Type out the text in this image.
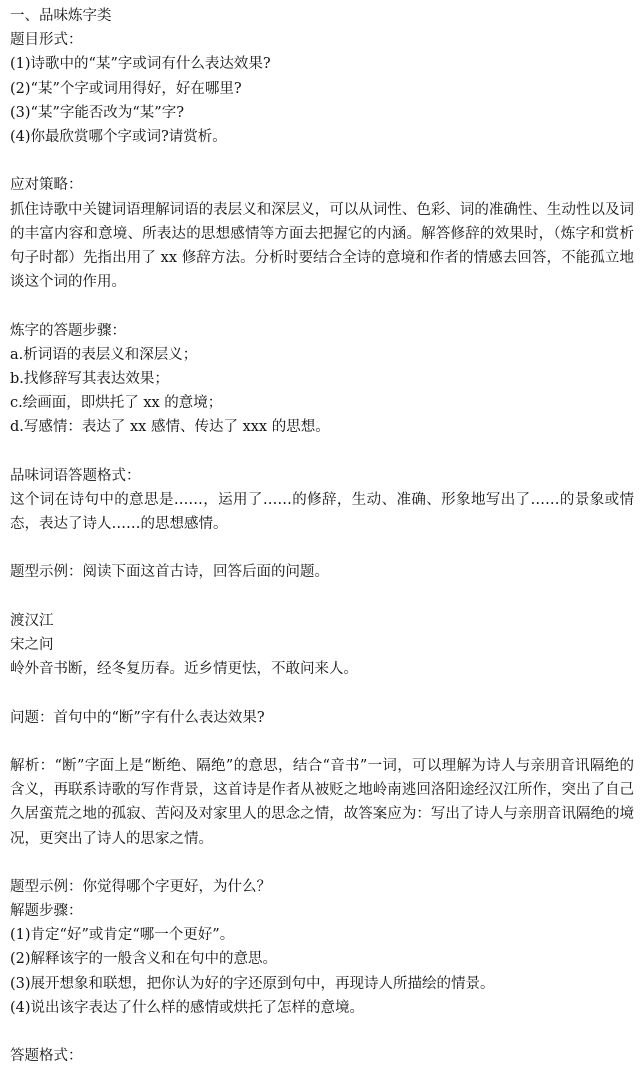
一、品味炼字类
题目形式：
(1)诗歌中的“某”字或词有什么表达效果?
(2)“某”个字或词用得好，好在哪里?
(3)“某”字能否改为“某”字?
(4)你最欣赏哪个字或词?请赏析。
应对策略：
抓住诗歌中关键词语理解词语的表层义和深层义，可以从词性、色彩、词的准确性、生动性以及词的丰富内容和意境、所表达的思想感情等方面去把握它的内涵。解答修辞的效果时，（炼字和赏析句子时都）先指出用了 xx 修辞方法。分析时要结合全诗的意境和作者的情感去回答，不能孤立地谈这个词的作用。
炼字的答题步骤：
a.析词语的表层义和深层义；
b.找修辞写其表达效果；
c.绘画面，即烘托了 xx 的意境；
d.写感情：表达了 xx 感情、传达了 xxx 的思想。
品味词语答题格式：
这个词在诗句中的意思是……，运用了……的修辞，生动、准确、形象地写出了……的景象或情态，表达了诗人……的思想感情。
题型示例：阅读下面这首古诗，回答后面的问题。
渡汉江
宋之问
岭外音书断，经冬复历春。近乡情更怯，不敢问来人。
问题：首句中的“断”字有什么表达效果?
解析：“断”字面上是“断绝、隔绝”的意思，结合“音书”一词，可以理解为诗人与亲朋音讯隔绝的含义，再联系诗歌的写作背景，这首诗是作者从被贬之地岭南逃回洛阳途经汉江所作，突出了自己久居蛮荒之地的孤寂、苦闷及对家里人的思念之情，故答案应为：写出了诗人与亲朋音讯隔绝的境况，更突出了诗人的思家之情。
题型示例：你觉得哪个字更好，为什么？
解题步骤：
(1)肯定“好”或肯定“哪一个更好”。
(2)解释该字的一般含义和在句中的意思。
(3)展开想象和联想，把你认为好的字还原到句中，再现诗人所描绘的情景。
(4)说出该字表达了什么样的感情或烘托了怎样的意境。
答题格式：
